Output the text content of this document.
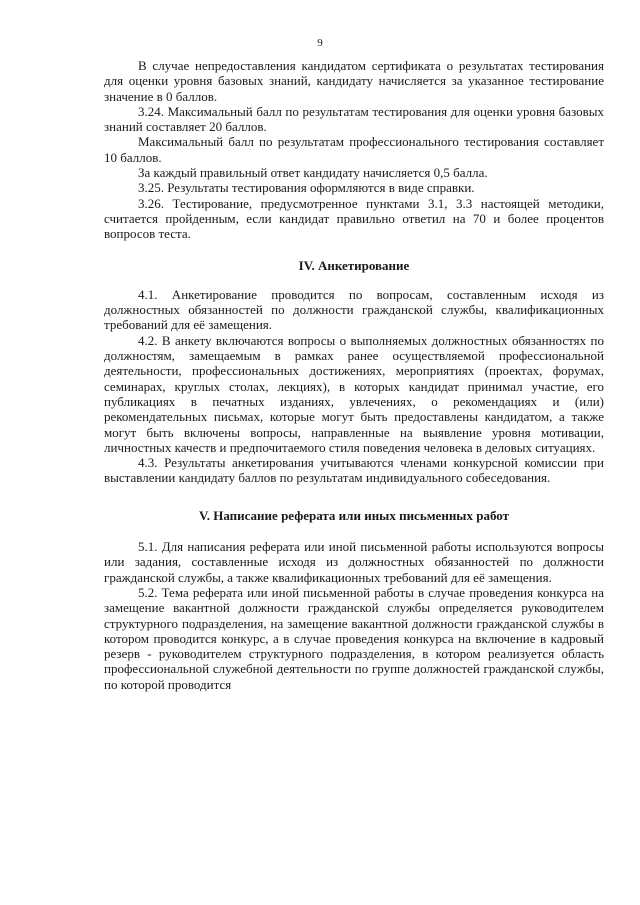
9

В случае непредоставления кандидатом сертификата о результатах тестирования для оценки уровня базовых знаний, кандидату начисляется за указанное тестирование значение в 0 баллов.

3.24. Максимальный балл по результатам тестирования для оценки уровня базовых знаний составляет 20 баллов.

Максимальный балл по результатам профессионального тестирования составляет 10 баллов.

За каждый правильный ответ кандидату начисляется 0,5 балла.

3.25. Результаты тестирования оформляются в виде справки.

3.26. Тестирование, предусмотренное пунктами 3.1, 3.3 настоящей методики, считается пройденным, если кандидат правильно ответил на 70 и более процентов вопросов теста.

IV. Анкетирование

4.1. Анкетирование проводится по вопросам, составленным исходя из должностных обязанностей по должности гражданской службы, квалификационных требований для её замещения.

4.2. В анкету включаются вопросы о выполняемых должностных обязанностях по должностям, замещаемым в рамках ранее осуществляемой профессиональной деятельности, профессиональных достижениях, мероприятиях (проектах, форумах, семинарах, круглых столах, лекциях), в которых кандидат принимал участие, его публикациях в печатных изданиях, увлечениях, о рекомендациях и (или) рекомендательных письмах, которые могут быть предоставлены кандидатом, а также могут быть включены вопросы, направленные на выявление уровня мотивации, личностных качеств и предпочитаемого стиля поведения человека в деловых ситуациях.

4.3. Результаты анкетирования учитываются членами конкурсной комиссии при выставлении кандидату баллов по результатам индивидуального собеседования.

V. Написание реферата или иных письменных работ

5.1. Для написания реферата или иной письменной работы используются вопросы или задания, составленные исходя из должностных обязанностей по должности гражданской службы, а также квалификационных требований для её замещения.

5.2. Тема реферата или иной письменной работы в случае проведения конкурса на замещение вакантной должности гражданской службы определяется руководителем структурного подразделения, на замещение вакантной должности гражданской службы в котором проводится конкурс, а в случае проведения конкурса на включение в кадровый резерв - руководителем структурного подразделения, в котором реализуется область профессиональной служебной деятельности по группе должностей гражданской службы, по которой проводится
